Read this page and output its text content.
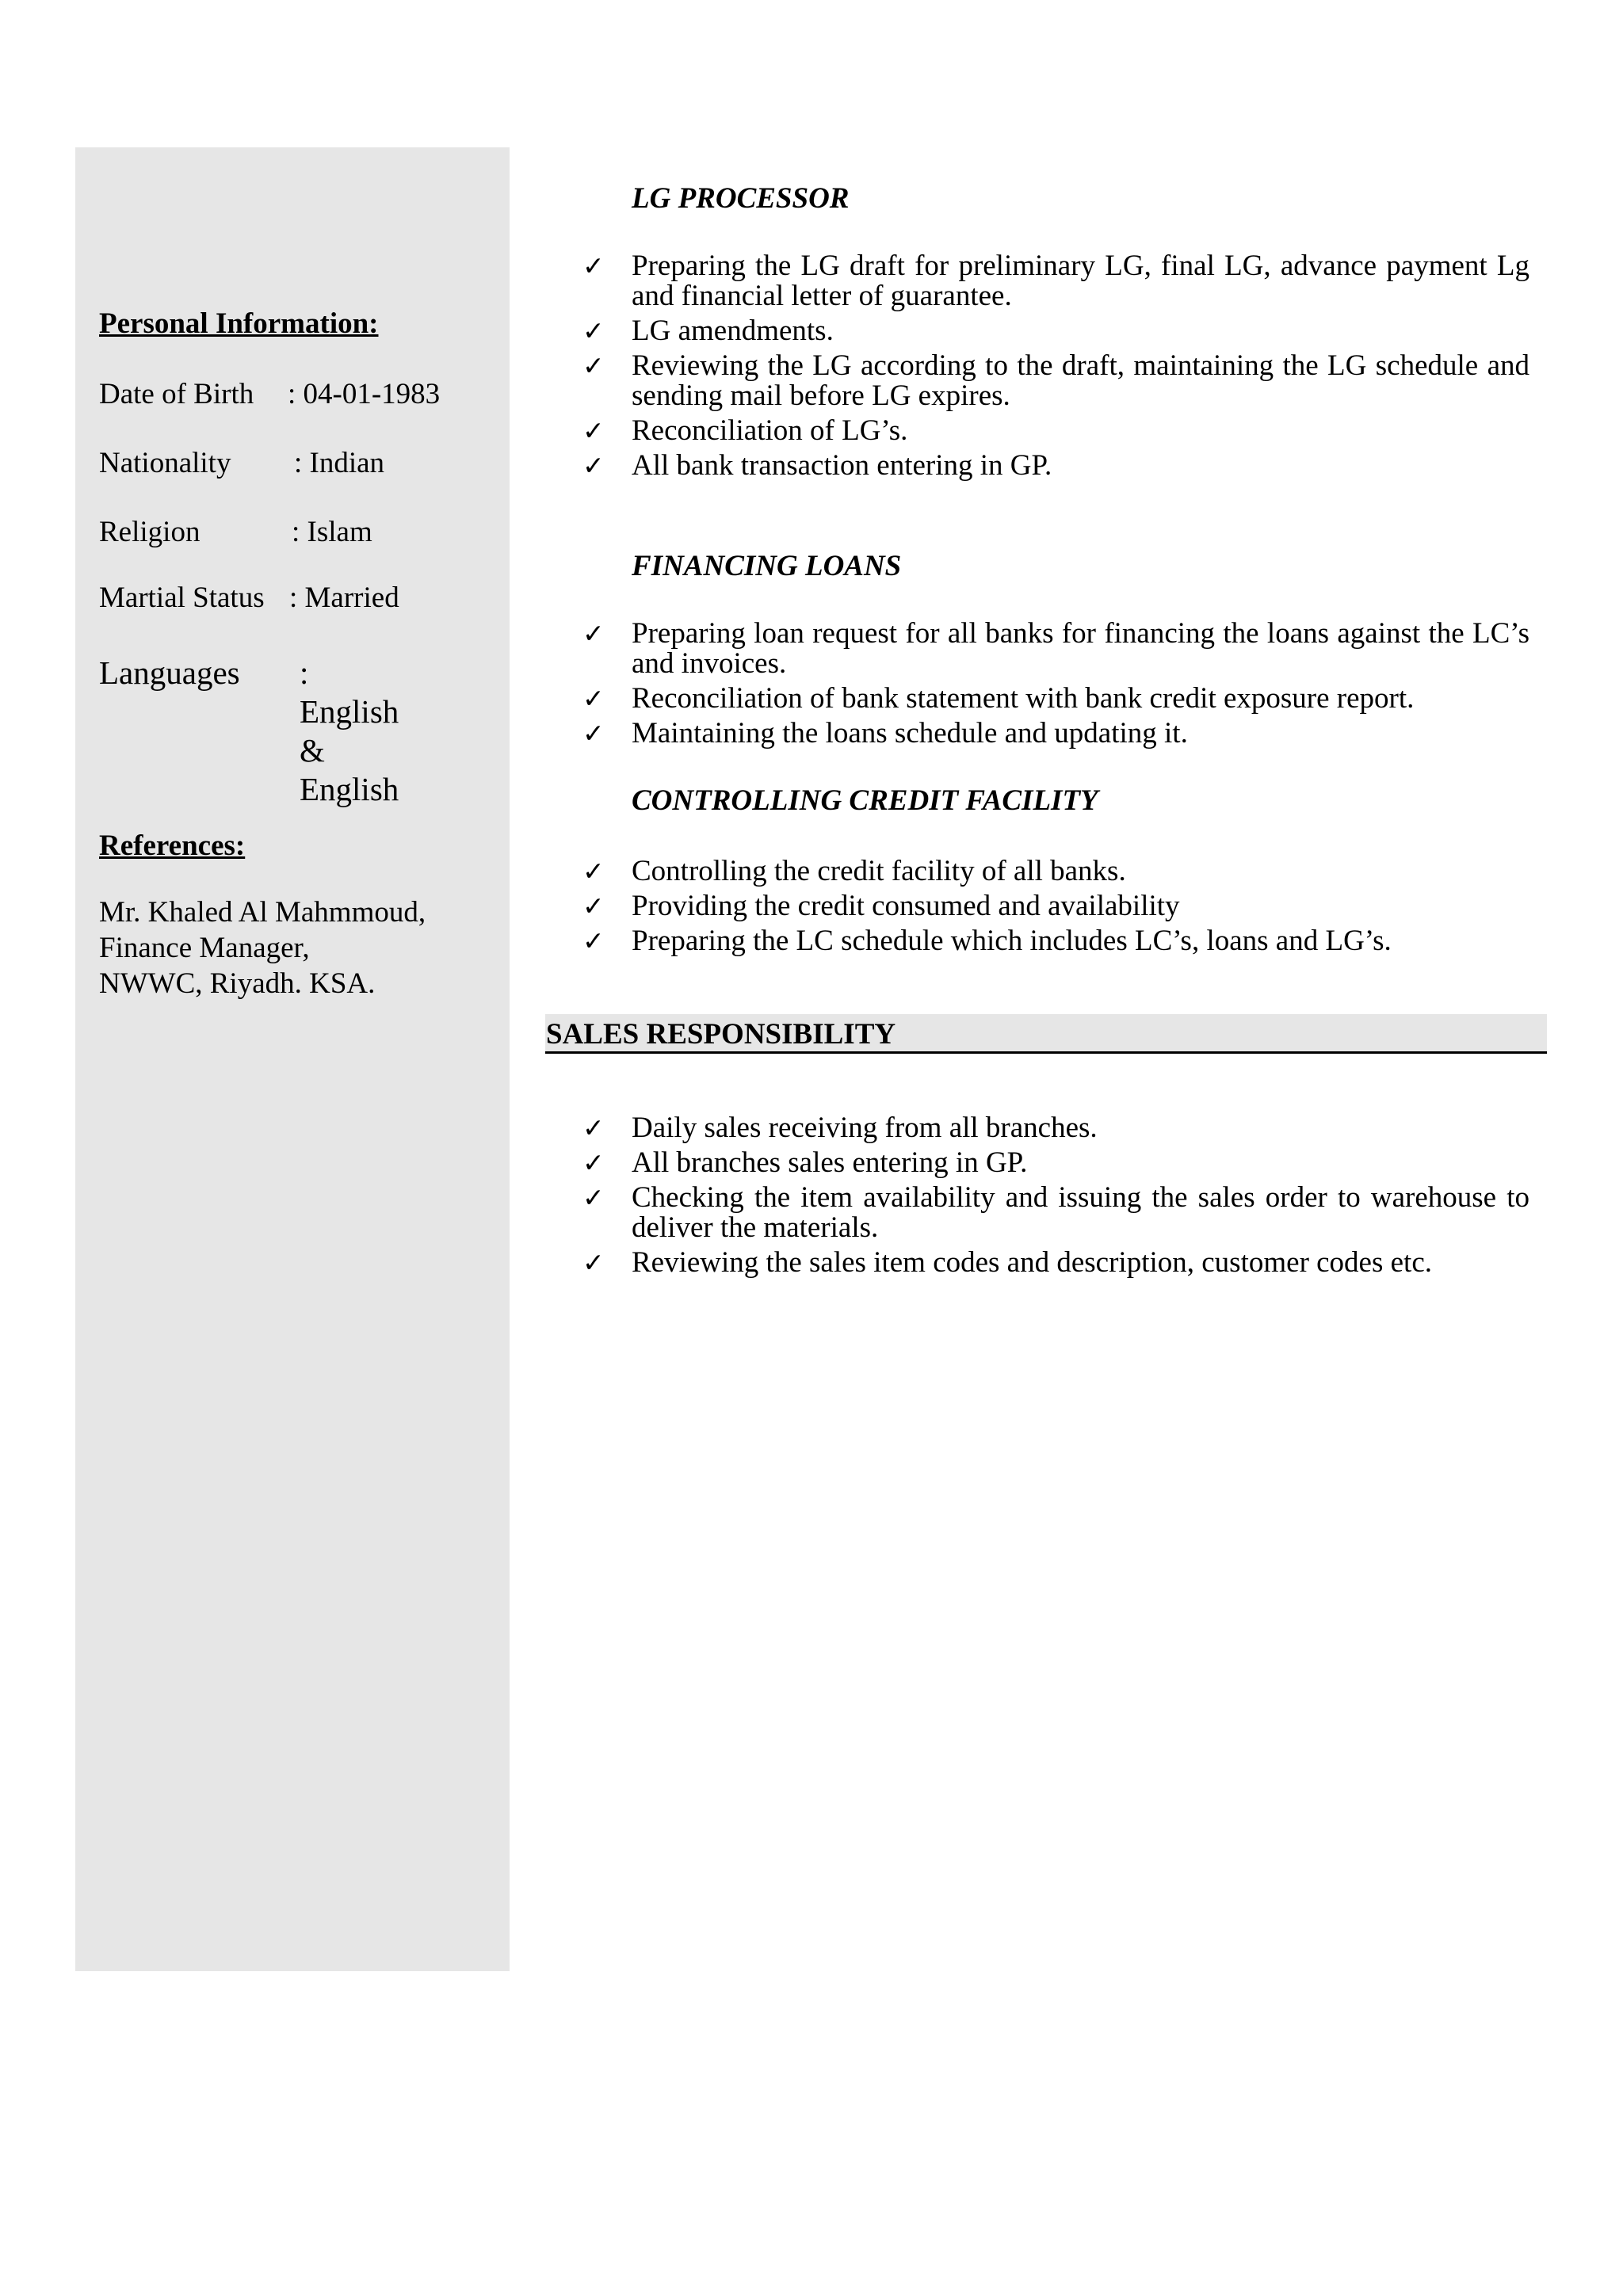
Personal Information:
Date of Birth : 04-01-1983
Nationality : Indian
Religion	: Islam
Martial Status : Married
Languages : English &
English
References:
Mr. Khaled Al Mahmmoud,
Finance Manager,
NWWC, Riyadh. KSA.
LG PROCESSOR
✓ Preparing the LG draft for preliminary LG, final LG, advance payment Lg and financial letter of guarantee.
✓ LG amendments.
✓ Reviewing the LG according to the draft, maintaining the LG schedule and sending mail before LG expires.
✓ Reconciliation of LG’s.
✓ All bank transaction entering in GP.
FINANCING LOANS
✓ Preparing loan request for all banks for financing the loans against the LC’s and invoices.
✓ Reconciliation of bank statement with bank credit exposure report.
✓ Maintaining the loans schedule and updating it.
CONTROLLING CREDIT FACILITY
✓ Controlling the credit facility of all banks.
✓ Providing the credit consumed and availability
✓ Preparing the LC schedule which includes LC’s, loans and LG’s.
SALES RESPONSIBILITY
✓ Daily sales receiving from all branches.
✓ All branches sales entering in GP.
✓ Checking the item availability and issuing the sales order to warehouse to deliver the materials.
✓ Reviewing the sales item codes and description, customer codes etc.
